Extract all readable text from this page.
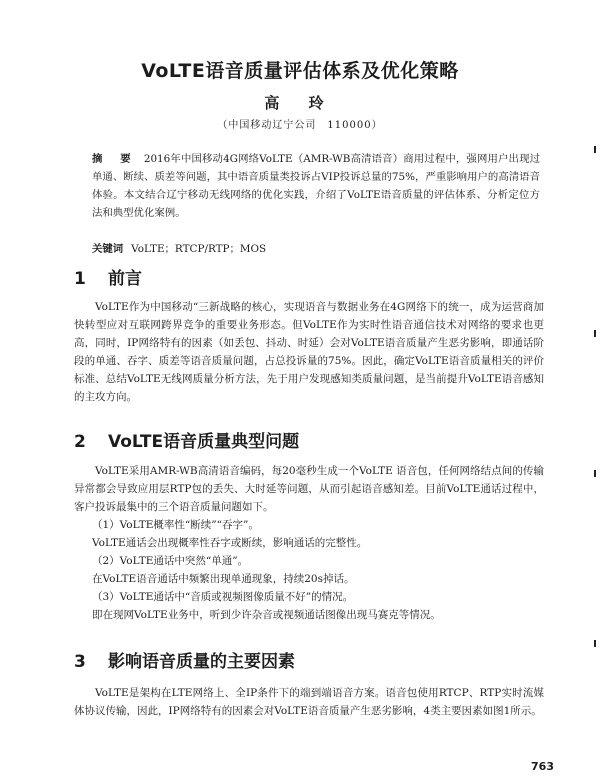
VoLTE语音质量评估体系及优化策略
高 玲
（中国移动辽宁公司　110000）
摘 要 2016年中国移动4G网络VoLTE（AMR-WB高清语音）商用过程中，强网用户出现过单通、断续、质差等问题，其中语音质量类投诉占VIP投诉总量的75%，严重影响用户的高清语音体验。本文结合辽宁移动无线网络的优化实践，介绍了VoLTE语音质量的评估体系、分析定位方法和典型优化案例。
关键词 VoLTE；RTCP/RTP；MOS
1 前言
VoLTE作为中国移动“三新战略的核心，实现语音与数据业务在4G网络下的统一，成为运营商加快转型应对互联网跨界竞争的重要业务形态。但VoLTE作为实时性语音通信技术对网络的要求也更高，同时，IP网络特有的因素（如丢包、抖动、时延）会对VoLTE语音质量产生恶劣影响，即通话阶段的单通、吞字、质差等语音质量问题，占总投诉量的75%。因此，确定VoLTE语音质量相关的评价标准、总结VoLTE无线网质量分析方法，先于用户发现感知类质量问题，是当前提升VoLTE语音感知的主攻方向。
2 VoLTE语音质量典型问题
VoLTE采用AMR-WB高清语音编码，每20毫秒生成一个VoLTE 语音包，任何网络结点间的传输异常都会导致应用层RTP包的丢失、大时延等问题，从而引起语音感知差。目前VoLTE通话过程中，客户投诉最集中的三个语音质量问题如下。
（1）VoLTE概率性“断续”“吞字”。
VoLTE通话会出现概率性吞字或断续，影响通话的完整性。
（2）VoLTE通话中突然“单通”。
在VoLTE语音通话中频繁出现单通现象，持续20s掉话。
（3）VoLTE通话中“音质或视频图像质量不好”的情况。
即在现网VoLTE业务中，听到少许杂音或视频通话图像出现马赛克等情况。
3 影响语音质量的主要因素
VoLTE是架构在LTE网络上、全IP条件下的端到端语音方案。语音包使用RTCP、RTP实时流媒体协议传输，因此，IP网络特有的因素会对VoLTE语音质量产生恶劣影响，4类主要因素如图1所示。
763
